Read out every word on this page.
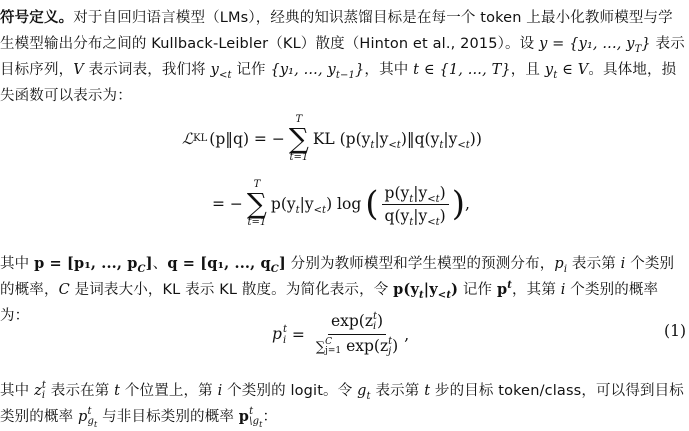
符号定义。对于自回归语言模型（LMs），经典的知识蒸馏目标是在每一个 token 上最小化教师模型与学生模型输出分布之间的 Kullback-Leibler（KL）散度（Hinton et al., 2015）。设 y = {y₁, ..., $y_T$} 表示目标序列，V 表示词表，我们将 $y_{<t}$ 记作 {y₁, ..., $y_{t-1}$}，其中 t ∈ {1, ..., T}，且 $y_t$ ∈ V。具体地，损失函数可以表示为：

ℒ KL (p‖q) = −
T
∑
t=1
KL $(p(y_t|y_{<t})‖q(y_t|y_{<t}))$
= −
T
∑
t=1
$p(y_t|y_{<t})$ log ( $\frac{p(y_t|y_{<t})}{q(y_t|y_{<t})}$ ) ,

其中 p = [p₁, ..., $p_C$]、q = [q₁, ..., $q_C$] 分别为教师模型和学生模型的预测分布，$p_i$ 表示第 i 个类别的概率，C 是词表大小，KL 表示 KL 散度。为简化表示，令 $p(y_t|y_{<t})$ 记作 $p^t$，其第 i 个类别的概率为：

p t
i = exp(z t
i )
∑ C
j=1 exp(z t
j ) ,	(1)

其中 z t
i 表示在第 t 个位置上，第 i 个类别的 logit。令 $g_t$ 表示第 t 步的目标 token/class，可以得到目标类别的概率 p t
$g_t$ 与非目标类别的概率 p t
$\backslash g_t$ ：
